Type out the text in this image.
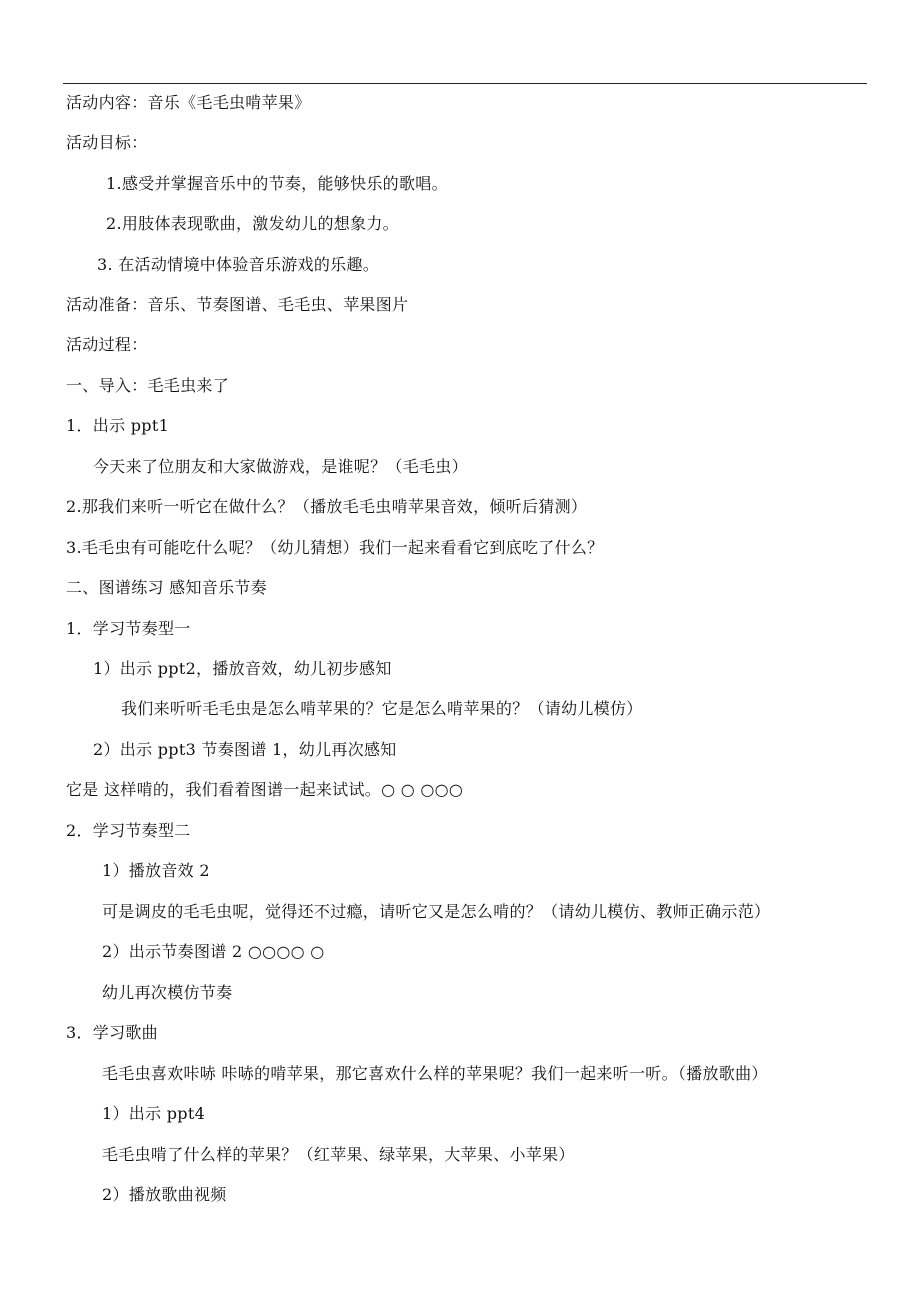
活动内容：音乐《毛毛虫啃苹果》
活动目标：
1.感受并掌握音乐中的节奏，能够快乐的歌唱。
2.用肢体表现歌曲，激发幼儿的想象力。
3. 在活动情境中体验音乐游戏的乐趣。
活动准备：音乐、节奏图谱、毛毛虫、苹果图片
活动过程：
一、导入：毛毛虫来了
1．出示 ppt1
今天来了位朋友和大家做游戏，是谁呢？（毛毛虫）
2.那我们来听一听它在做什么？（播放毛毛虫啃苹果音效，倾听后猜测）
3.毛毛虫有可能吃什么呢？（幼儿猜想）我们一起来看看它到底吃了什么？
二、图谱练习 感知音乐节奏
1．学习节奏型一
1）出示 ppt2，播放音效，幼儿初步感知
我们来听听毛毛虫是怎么啃苹果的？它是怎么啃苹果的？（请幼儿模仿）
2）出示 ppt3 节奏图谱 1，幼儿再次感知
它是 这样啃的，我们看着图谱一起来试试。○ ○ ○○○
2．学习节奏型二
1）播放音效 2
可是调皮的毛毛虫呢，觉得还不过瘾，请听它又是怎么啃的？（请幼儿模仿、教师正确示范）
2）出示节奏图谱 2 ○○○○ ○
幼儿再次模仿节奏
3．学习歌曲
毛毛虫喜欢咔哧 咔哧的啃苹果，那它喜欢什么样的苹果呢？我们一起来听一听。（播放歌曲）
1）出示 ppt4
毛毛虫啃了什么样的苹果？（红苹果、绿苹果，大苹果、小苹果）
2）播放歌曲视频
